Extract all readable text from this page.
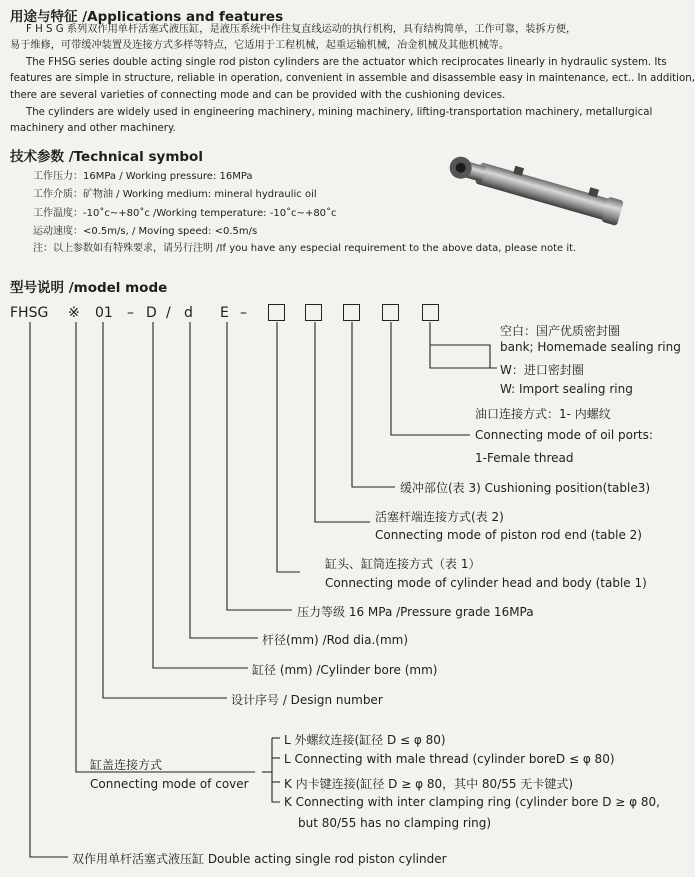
用途与特征 /Applications and features
F H S G 系列双作用单杆活塞式液压缸，是液压系统中作往复直线运动的执行机构，具有结构简单，工作可靠，装拆方便，
易于维修，可带缓冲装置及连接方式多样等特点，它适用于工程机械，起重运输机械，冶金机械及其他机械等。
The FHSG series double acting single rod piston cylinders are the actuator which reciprocates linearly in hydraulic system. Its
features are simple in structure, reliable in operation, convenient in assemble and disassemble easy in maintenance, ect.. In addition,
there are several varieties of connecting mode and can be provided with the cushioning devices.
The cylinders are widely used in engineering machinery, mining machinery, lifting-transportation machinery, metallurgical
machinery and other machinery.
技术参数 /Technical symbol
工作压力：16MPa / Working pressure: 16MPa
工作介质：矿物油 / Working medium: mineral hydraulic oil
工作温度：-10˚c~+80˚c /Working temperature: -10˚c~+80˚c
运动速度：<0.5m/s, / Moving speed: <0.5m/s
注：以上参数如有特殊要求，请另行注明 /If you have any especial requirement to the above data, please note it.
型号说明 /model mode
FHSG ※ 01 – D / d E –
空白：国产优质密封圈
bank; Homemade sealing ring
W：进口密封圈
W: Import sealing ring
油口连接方式：1- 内螺纹
Connecting mode of oil ports:
1-Female thread
缓冲部位(表 3) Cushioning position(table3)
活塞杆端连接方式(表 2)
Connecting mode of piston rod end (table 2)
缸头、缸筒连接方式（表 1）
Connecting mode of cylinder head and body (table 1)
压力等级 16 MPa /Pressure grade 16MPa
杆径(mm) /Rod dia.(mm)
缸径 (mm) /Cylinder bore (mm)
设计序号 / Design number
缸盖连接方式
Connecting mode of cover
L 外螺纹连接(缸径 D ≤ φ 80)
L Connecting with male thread (cylinder boreD ≤ φ 80)
K 内卡键连接(缸径 D ≥ φ 80，其中 80/55 无卡键式)
K Connecting with inter clamping ring (cylinder bore D ≥ φ 80,
but 80/55 has no clamping ring)
双作用单杆活塞式液压缸 Double acting single rod piston cylinder
